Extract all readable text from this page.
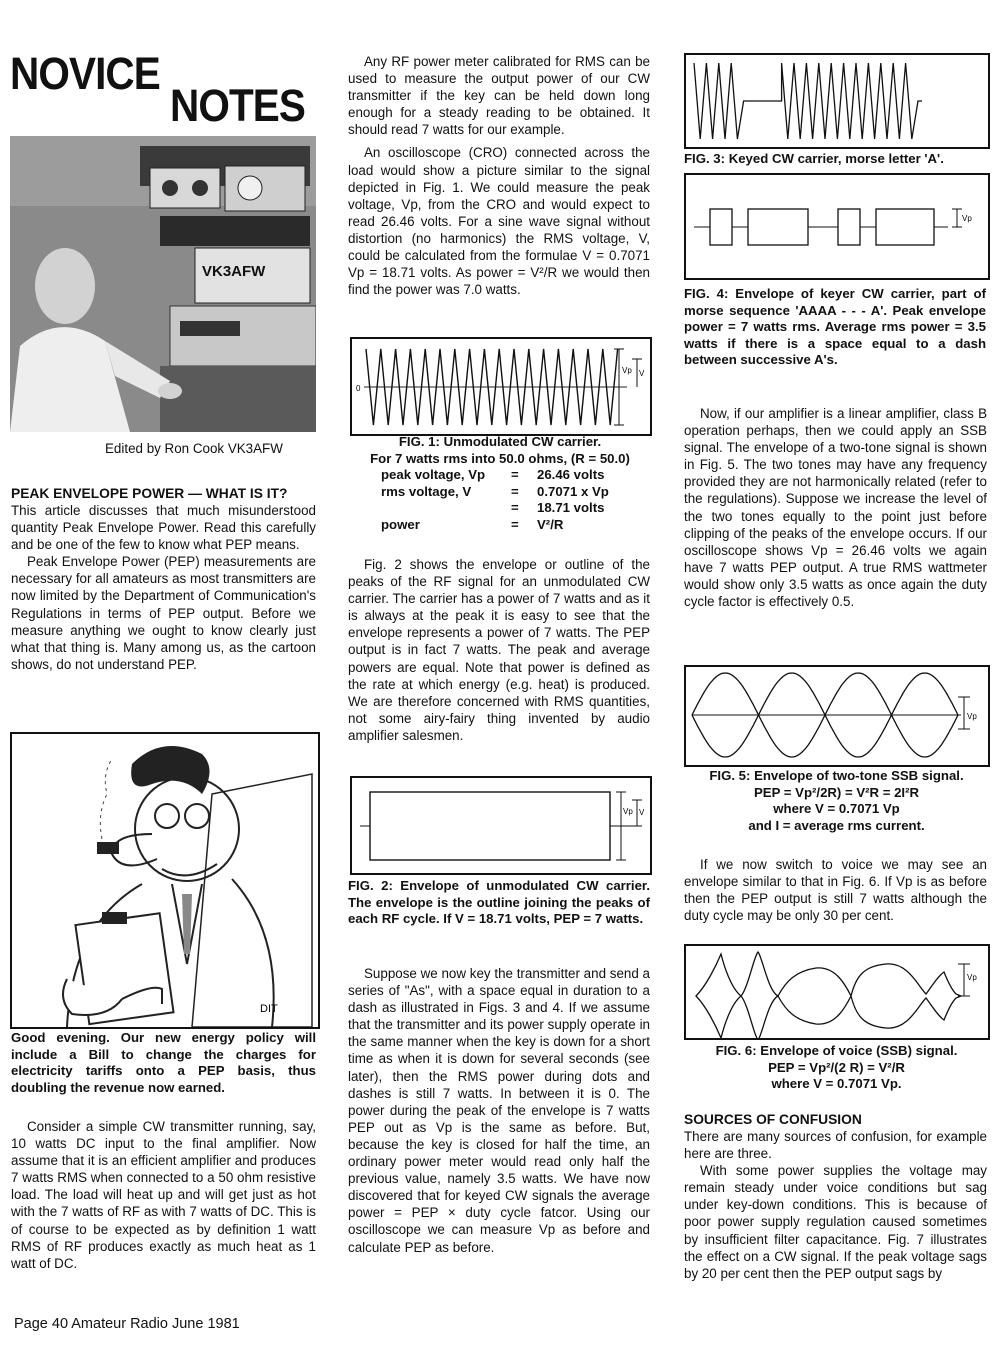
NOVICE
NOTES
VK3AFW
Edited by Ron Cook VK3AFW

PEAK ENVELOPE POWER — WHAT IS IT?

This article discusses that much misunderstood quantity Peak Envelope Power. Read this carefully and be one of the few to know what PEP means.

Peak Envelope Power (PEP) measurements are necessary for all amateurs as most transmitters are now limited by the Department of Communication's Regulations in terms of PEP output. Before we measure anything we ought to know clearly just what that thing is. Many among us, as the cartoon shows, do not understand PEP.

DIT

Good evening. Our new energy policy will include a Bill to change the charges for electricity tariffs onto a PEP basis, thus doubling the revenue now earned.

Consider a simple CW transmitter running, say, 10 watts DC input to the final amplifier. Now assume that it is an efficient amplifier and produces 7 watts RMS when connected to a 50 ohm resistive load. The load will heat up and will get just as hot with the 7 watts of RF as with 7 watts of DC. This is of course to be expected as by definition 1 watt RMS of RF produces exactly as much heat as 1 watt of DC.

Any RF power meter calibrated for RMS can be used to measure the output power of our CW transmitter if the key can be held down long enough for a steady reading to be obtained. It should read 7 watts for our example.

An oscilloscope (CRO) connected across the load would show a picture similar to the signal depicted in Fig. 1. We could measure the peak voltage, Vp, from the CRO and would expect to read 26.46 volts. For a sine wave signal without distortion (no harmonics) the RMS voltage, V, could be calculated from the formulae V = 0.7071 Vp = 18.71 volts. As power = V²/R we would then find the power was 7.0 watts.

0
Vp V

FIG. 1: Unmodulated CW carrier.

For 7 watts rms into 50.0 ohms, (R = 50.0)

peak voltage, Vp	=	26.46 volts
rms voltage, V	=	0.7071 x Vp
=	18.71 volts
power	=	V²/R

Fig. 2 shows the envelope or outline of the peaks of the RF signal for an unmodulated CW carrier. The carrier has a power of 7 watts and as it is always at the peak it is easy to see that the envelope represents a power of 7 watts. The PEP output is in fact 7 watts. The peak and average powers are equal. Note that power is defined as the rate at which energy (e.g. heat) is produced. We are therefore concerned with RMS quantities, not some airy-fairy thing invented by audio amplifier salesmen.

Vp V

FIG. 2: Envelope of unmodulated CW carrier. The envelope is the outline joining the peaks of each RF cycle. If V = 18.71 volts, PEP = 7 watts.

Suppose we now key the transmitter and send a series of "As", with a space equal in duration to a dash as illustrated in Figs. 3 and 4. If we assume that the transmitter and its power supply operate in the same manner when the key is down for a short time as when it is down for several seconds (see later), then the RMS power during dots and dashes is still 7 watts. In between it is 0. The power during the peak of the envelope is 7 watts PEP out as Vp is the same as before. But, because the key is closed for half the time, an ordinary power meter would read only half the previous value, namely 3.5 watts. We have now discovered that for keyed CW signals the average power = PEP × duty cycle fatcor. Using our oscilloscope we can measure Vp as before and calculate PEP as before.

FIG. 3: Keyed CW carrier, morse letter 'A'.

Vp

FIG. 4: Envelope of keyer CW carrier, part of morse sequence 'AAAA - - - A'. Peak envelope power = 7 watts rms. Average rms power = 3.5 watts if there is a space equal to a dash between successive A's.

Now, if our amplifier is a linear amplifier, class B operation perhaps, then we could apply an SSB signal. The envelope of a two-tone signal is shown in Fig. 5. The two tones may have any frequency provided they are not harmonically related (refer to the regulations). Suppose we increase the level of the two tones equally to the point just before clipping of the peaks of the envelope occurs. If our oscilloscope shows Vp = 26.46 volts we again have 7 watts PEP output. A true RMS wattmeter would show only 3.5 watts as once again the duty cycle factor is effectively 0.5.

Vp

FIG. 5: Envelope of two-tone SSB signal.

PEP = Vp²/2R) = V²R = 2I²R

where V = 0.7071 Vp

and I = average rms current.

If we now switch to voice we may see an envelope similar to that in Fig. 6. If Vp is as before then the PEP output is still 7 watts although the duty cycle may be only 30 per cent.

Vp

FIG. 6: Envelope of voice (SSB) signal.

PEP = Vp²/(2 R) = V²/R

where V = 0.7071 Vp.

SOURCES OF CONFUSION

There are many sources of confusion, for example here are three.

With some power supplies the voltage may remain steady under voice conditions but sag under key-down conditions. This is because of poor power supply regulation caused sometimes by insufficient filter capacitance. Fig. 7 illustrates the effect on a CW signal. If the peak voltage sags by 20 per cent then the PEP output sags by

Page 40 Amateur Radio June 1981
